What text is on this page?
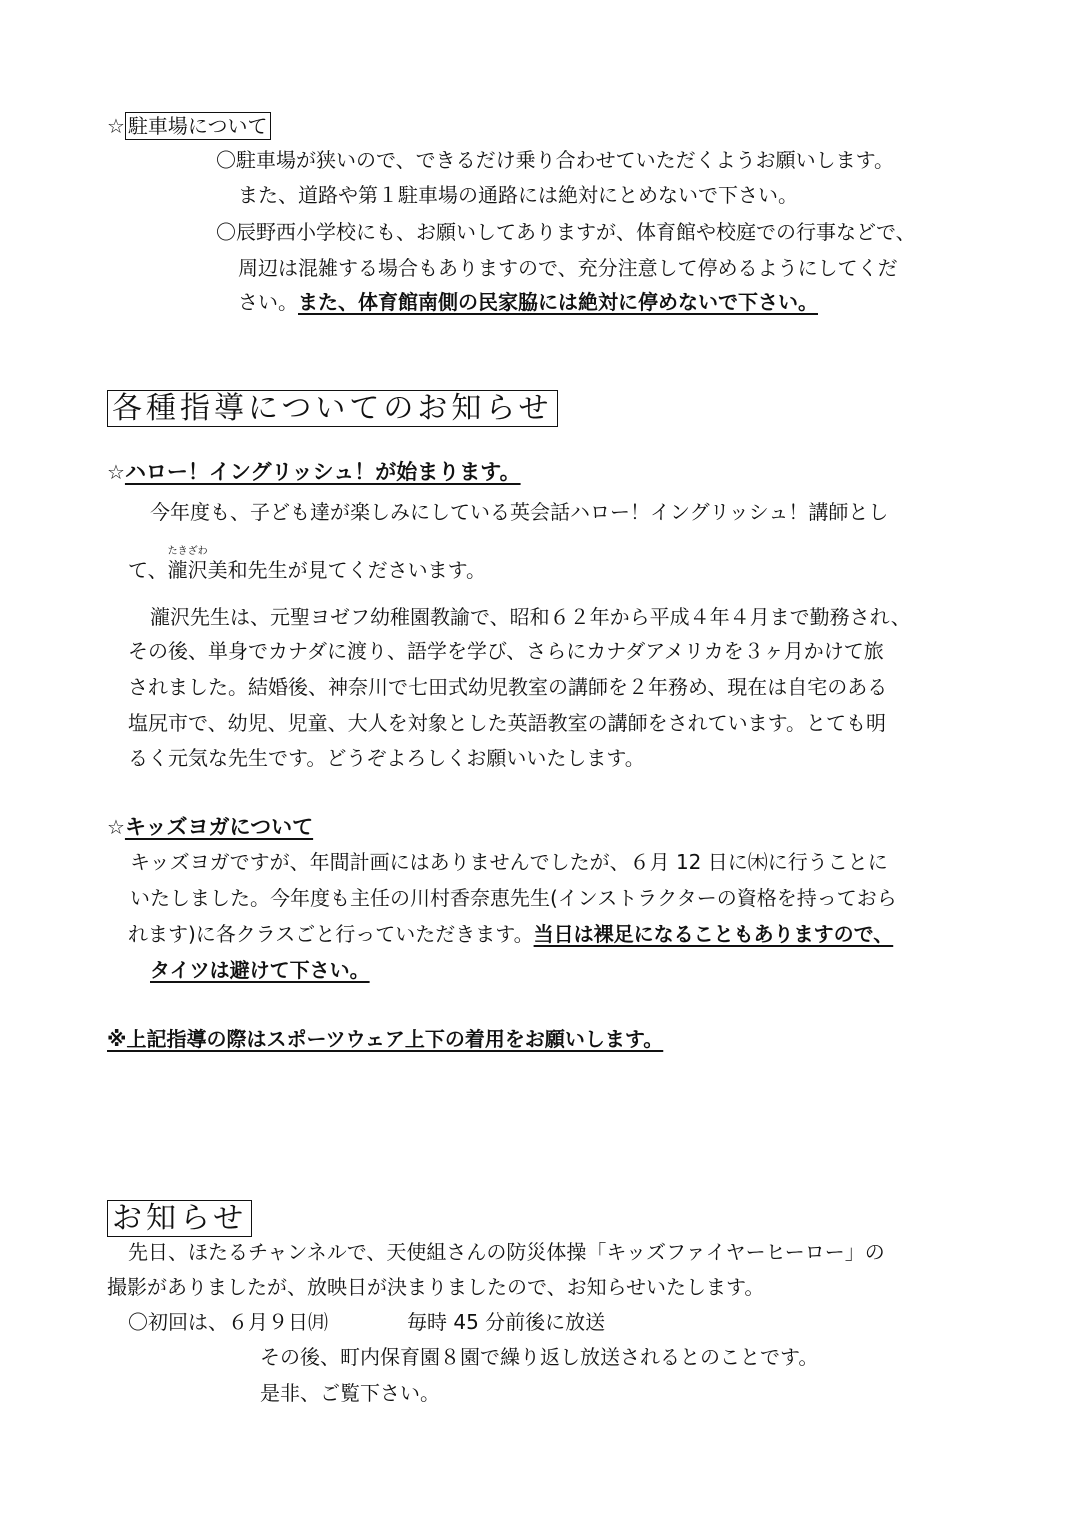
☆ 駐車場について
〇駐車場が狭いので、できるだけ乗り合わせていただくようお願いします。
また、道路や第１駐車場の通路には絶対にとめないで下さい。
〇辰野西小学校にも、お願いしてありますが、体育館や校庭での行事などで、
周辺は混雑する場合もありますので、充分注意して停めるようにしてくだ
さい。また、体育館南側の民家脇には絶対に停めないで下さい。
各種指導についてのお知らせ
☆ハロー！イングリッシュ！が始まります。
今年度も、子ども達が楽しみにしている英会話ハロー！イングリッシュ！講師とし
て、
たきざわ
瀧沢美和先生が見てくださいます。
瀧沢先生は、元聖ヨゼフ幼稚園教諭で、昭和６２年から平成４年４月まで勤務され、
その後、単身でカナダに渡り、語学を学び、さらにカナダアメリカを３ヶ月かけて旅
されました。結婚後、神奈川で七田式幼児教室の講師を２年務め、現在は自宅のある
塩尻市で、幼児、児童、大人を対象とした英語教室の講師をされています。とても明
るく元気な先生です。どうぞよろしくお願いいたします。
☆キッズヨガについて
キッズヨガですが、年間計画にはありませんでしたが、６月 12 日に㈭に行うことに
いたしました。今年度も主任の川村香奈恵先生(インストラクターの資格を持っておら
れます)に各クラスごと行っていただきます。当日は裸足になることもありますので、
タイツは避けて下さい。
※上記指導の際はスポーツウェア上下の着用をお願いします。
お知らせ
先日、ほたるチャンネルで、天使組さんの防災体操「キッズファイヤーヒーロー」の
撮影がありましたが、放映日が決まりましたので、お知らせいたします。
〇初回は、６月９日㈪	毎時 45 分前後に放送
その後、町内保育園８園で繰り返し放送されるとのことです。
是非、ご覧下さい。
